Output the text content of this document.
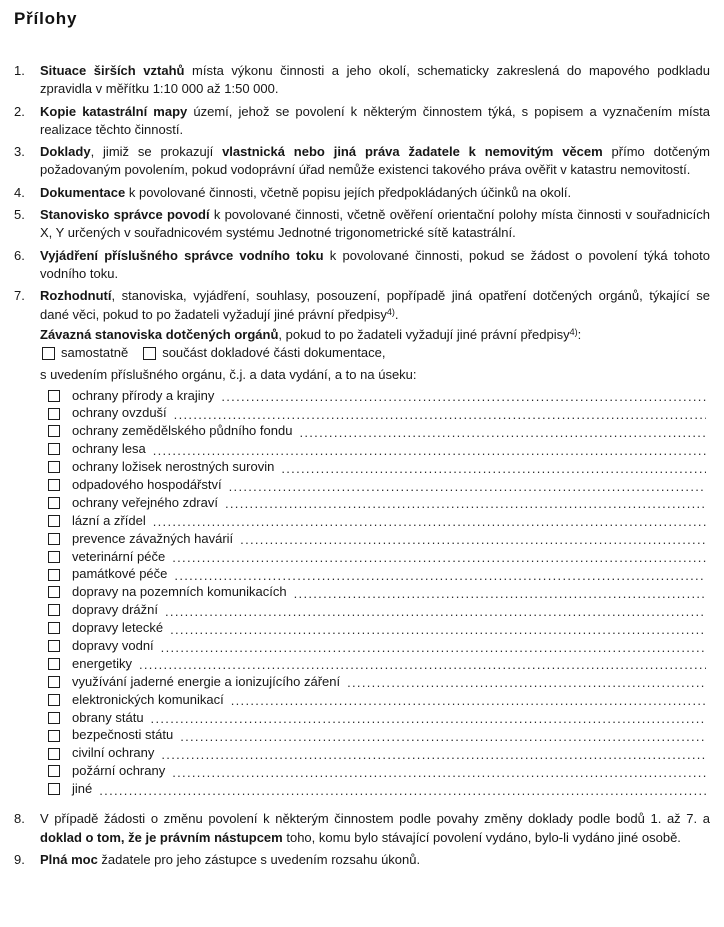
Přílohy
1.	Situace širších vztahů místa výkonu činnosti a jeho okolí, schematicky zakreslená do mapového podkladu zpravidla v měřítku 1:10 000 až 1:50 000.
2.	Kopie katastrální mapy území, jehož se povolení k některým činnostem týká, s popisem a vyznačením místa realizace těchto činností.
3.	Doklady, jimiž se prokazují vlastnická nebo jiná práva žadatele k nemovitým věcem přímo dotčeným požadovaným povolením, pokud vodoprávní úřad nemůže existenci takového práva ověřit v katastru nemovitostí.
4.	Dokumentace k povolované činnosti, včetně popisu jejích předpokládaných účinků na okolí.
5.	Stanovisko správce povodí k povolované činnosti, včetně ověření orientační polohy místa činnosti v souřadnicích X, Y určených v souřadnicovém systému Jednotné trigonometrické sítě katastrální.
6.	Vyjádření příslušného správce vodního toku k povolované činnosti, pokud se žádost o povolení týká tohoto vodního toku.
7.	Rozhodnutí, stanoviska, vyjádření, souhlasy, posouzení, popřípadě jiná opatření dotčených orgánů, týkající se dané věci, pokud to po žadateli vyžadují jiné právní předpisy$^{4)}$.

Závazná stanoviska dotčených orgánů, pokud to po žadateli vyžadují jiné právní předpisy$^{4)}$:

samostatně	součást dokladové části dokumentace,

s uvedením příslušného orgánu, č.j. a data vydání, a to na úseku:

ochrany přírody a krajiny
.....
ochrany ovzduší
.....
ochrany zemědělského půdního fondu
.....
ochrany lesa
.....
ochrany ložisek nerostných surovin
.....
odpadového hospodářství
.....
ochrany veřejného zdraví
.....
lázní a zřídel
.....
prevence závažných havárií
.....
veterinární péče
.....
památkové péče
.....
dopravy na pozemních komunikacích
.....
dopravy drážní
.....
dopravy letecké
.....
dopravy vodní
.....
energetiky
.....
využívání jaderné energie a ionizujícího záření
.....
elektronických komunikací
.....
obrany státu
.....
bezpečnosti státu
.....
civilní ochrany
.....
požární ochrany
.....
jiné
.....
8.	V případě žádosti o změnu povolení k některým činnostem podle povahy změny doklady podle bodů 1. až 7. a doklad o tom, že je právním nástupcem toho, komu bylo stávající povolení vydáno, bylo-li vydáno jiné osobě.
9.	Plná moc žadatele pro jeho zástupce s uvedením rozsahu úkonů.
